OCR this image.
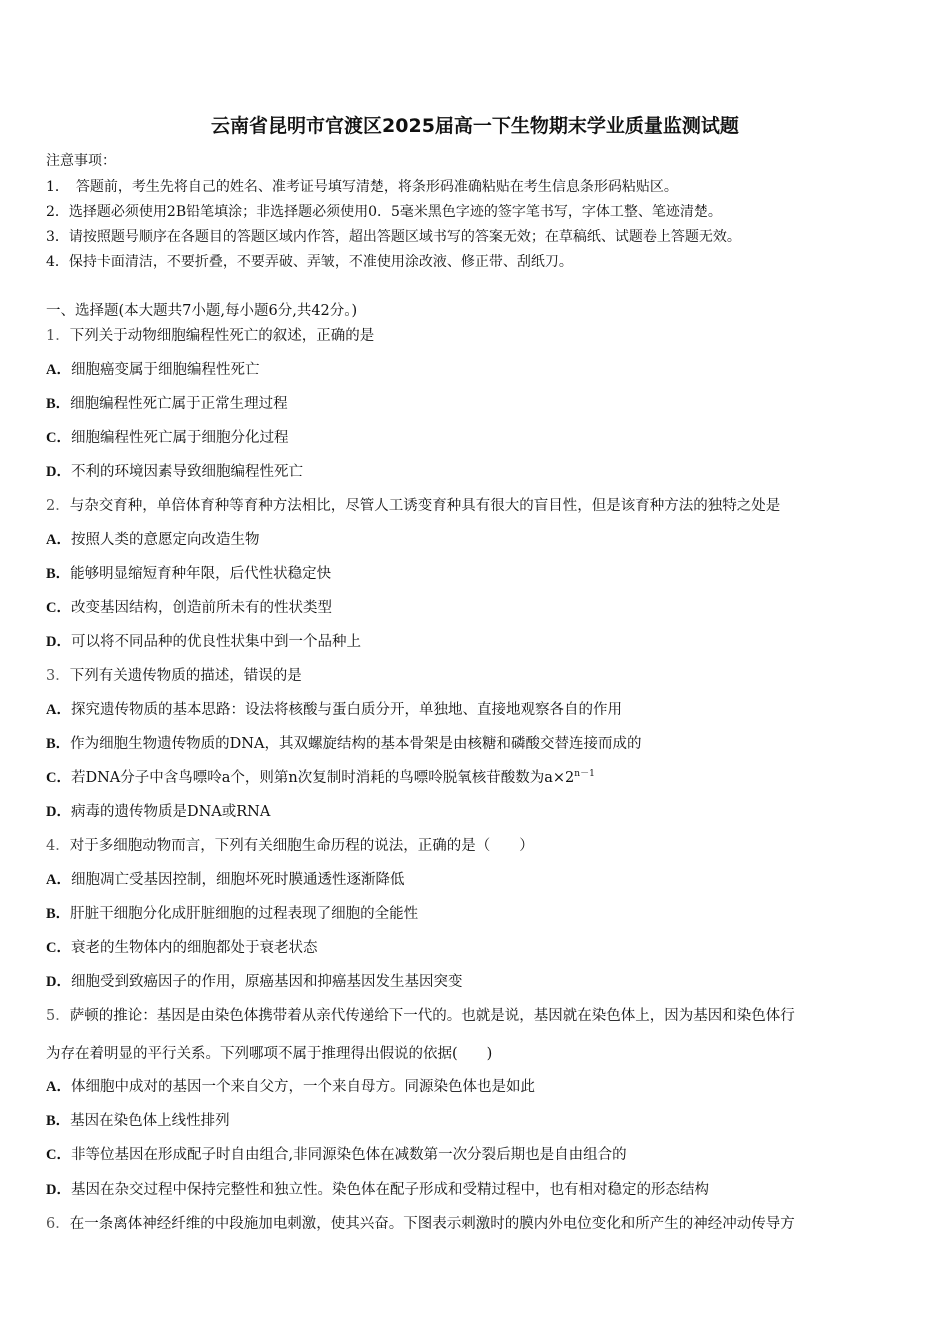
云南省昆明市官渡区2025届高一下生物期末学业质量监测试题
注意事项：
1．　答题前，考生先将自己的姓名、准考证号填写清楚，将条形码准确粘贴在考生信息条形码粘贴区。
2．选择题必须使用2B铅笔填涂；非选择题必须使用0．5毫米黑色字迹的签字笔书写，字体工整、笔迹清楚。
3．请按照题号顺序在各题目的答题区域内作答，超出答题区域书写的答案无效；在草稿纸、试题卷上答题无效。
4．保持卡面清洁，不要折叠，不要弄破、弄皱，不准使用涂改液、修正带、刮纸刀。
一、选择题(本大题共7小题,每小题6分,共42分。)
1．下列关于动物细胞编程性死亡的叙述，正确的是
A．细胞癌变属于细胞编程性死亡
B．细胞编程性死亡属于正常生理过程
C．细胞编程性死亡属于细胞分化过程
D．不利的环境因素导致细胞编程性死亡
2．与杂交育种，单倍体育种等育种方法相比，尽管人工诱变育种具有很大的盲目性，但是该育种方法的独特之处是
A．按照人类的意愿定向改造生物
B．能够明显缩短育种年限，后代性状稳定快
C．改变基因结构，创造前所未有的性状类型
D．可以将不同品种的优良性状集中到一个品种上
3．下列有关遗传物质的描述，错误的是
A．探究遗传物质的基本思路：设法将核酸与蛋白质分开，单独地、直接地观察各自的作用
B．作为细胞生物遗传物质的DNA，其双螺旋结构的基本骨架是由核糖和磷酸交替连接而成的
C．若DNA分子中含鸟嘌呤a个，则第n次复制时消耗的鸟嘌呤脱氧核苷酸数为$a\times 2^{n-1}$
D．病毒的遗传物质是DNA或RNA
4．对于多细胞动物而言，下列有关细胞生命历程的说法，正确的是（　　）
A．细胞凋亡受基因控制，细胞坏死时膜通透性逐渐降低
B．肝脏干细胞分化成肝脏细胞的过程表现了细胞的全能性
C．衰老的生物体内的细胞都处于衰老状态
D．细胞受到致癌因子的作用，原癌基因和抑癌基因发生基因突变
5．萨顿的推论：基因是由染色体携带着从亲代传递给下一代的。也就是说，基因就在染色体上，因为基因和染色体行
为存在着明显的平行关系。下列哪项不属于推理得出假说的依据(　　)
A．体细胞中成对的基因一个来自父方，一个来自母方。同源染色体也是如此
B．基因在染色体上线性排列
C．非等位基因在形成配子时自由组合,非同源染色体在减数第一次分裂后期也是自由组合的
D．基因在杂交过程中保持完整性和独立性。染色体在配子形成和受精过程中，也有相对稳定的形态结构
6．在一条离体神经纤维的中段施加电刺激，使其兴奋。下图表示刺激时的膜内外电位变化和所产生的神经冲动传导方
